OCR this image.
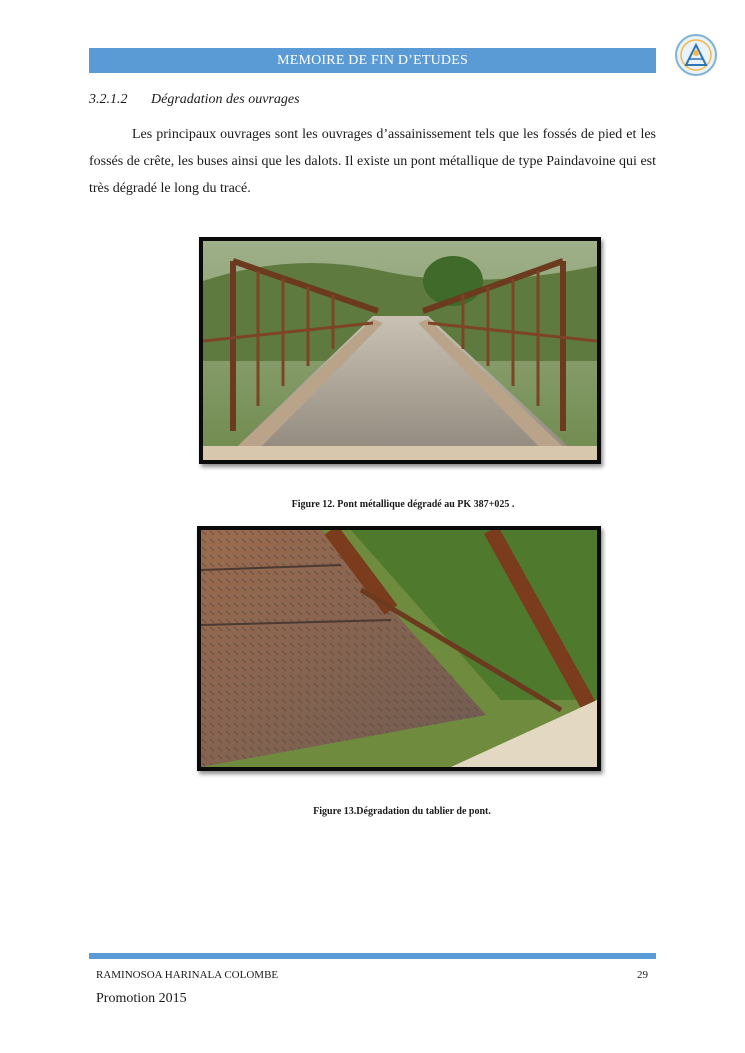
MEMOIRE DE FIN D’ETUDES
3.2.1.2 Dégradation des ouvrages

Les principaux ouvrages sont les ouvrages d’assainissement tels que les fossés de pied et les fossés de crête, les buses ainsi que les dalots. Il existe un pont métallique de type Paindavoine qui est très dégradé le long du tracé.

Figure 12. Pont métallique dégradé au PK 387+025 .
Figure 13.Dégradation du tablier de pont.
RAMINOSOA HARINALA COLOMBE	29
Promotion 2015
